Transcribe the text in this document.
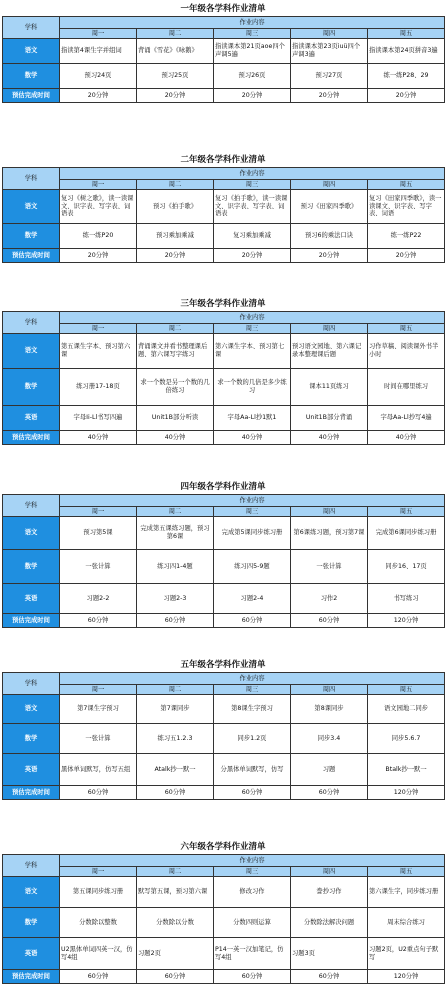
一年级各学科作业清单
学科	作业内容				
	周一	周二	周三	周四	周五
语文	指读第4课生字并组词	背诵《雪花》《咏鹅》	指读课本第21页aoe四个声调5遍	指读课本第23页iuü四个声调3遍	指读课本第24页拼音3遍
数学	预习24页	预习25页	预习26页	预习27页	练一练P28、29
预估完成时间	20分钟	20分钟	20分钟	20分钟	20分钟
二年级各学科作业清单
学科	作业内容				
	周一	周二	周三	周四	周五
语文	复习《树之歌》，读一读课文、识字表、写字表、词语表	预习《拍手歌》	复习《拍手歌》，读一读课文、识字表、写字表、词语表	预习《田家四季歌》	复习《田家四季歌》，读一读课文、识字表、写字表、词语
数学	练一练P20	预习乘加乘减	复习乘加乘减	预习6的乘法口诀	练一练P22
预估完成时间	20分钟	20分钟	20分钟	20分钟	20分钟
三年级各学科作业清单
学科	作业内容				
	周一	周二	周三	周四	周五
语文	第五课生字本、预习第六课	背诵课文并看书整理课后题、第六课写字练习	第六课生字本、预习第七课	预习语文园地、第六课记录本整理课后题	习作草稿、阅读课外书半小时
数学	练习册17-18页	求一个数是另一个数的几倍练习	求一个数的几倍是多少练习	课本11页练习	时间在哪里练习
英语	字母Ii-Ll书写四遍	Unit1B部分听读	字母Aa-Ll抄1默1	Unit1B部分背诵	字母Aa-Ll抄写4遍
预估完成时间	40分钟	40分钟	40分钟	40分钟	40分钟
四年级各学科作业清单
学科	作业内容				
	周一	周二	周三	周四	周五
语文	预习第5课	完成第五课练习题，预习第6课	完成第5课同步练习册	第6课练习题，预习第7课	完成第6课同步练习册
数学	一张计算	练习四1-4题	练习四5-9题	一张计算	同步16、17页
英语	习题2-2	习题2-3	习题2-4	习作2	书写练习
预估完成时间	60分钟	60分钟	60分钟	60分钟	120分钟
五年级各学科作业清单
学科	作业内容				
	周一	周二	周三	周四	周五
语文	第7课生字预习	第7课同步	第8课生字预习	第8课同步	语文园地二同步
数学	一张计算	练习五1.2.3	同步1.2页	同步3.4	同步5.6.7
英语	黑体单词默写，仿写五组	Atalk抄一默一	分黑体单词默写，仿写	习题	Btalk抄一默一
预估完成时间	60分钟	60分钟	60分钟	60分钟	120分钟
六年级各学科作业清单
学科	作业内容				
	周一	周二	周三	周四	周五
语文	第五课同步练习册	默写第五课，预习第六课	修改习作	誊抄习作	第六课生字，同步练习册
数学	分数除以整数	分数除以分数	分数四则运算	分数除法解决问题	周末综合练习
英语	U2黑体单词四英一汉，仿写4组	习题2页	P14一英一汉加笔记，仿写4组	习题3页	习题2页，U2重点句子默写
预估完成时间	60分钟	60分钟	60分钟	60分钟	120分钟
